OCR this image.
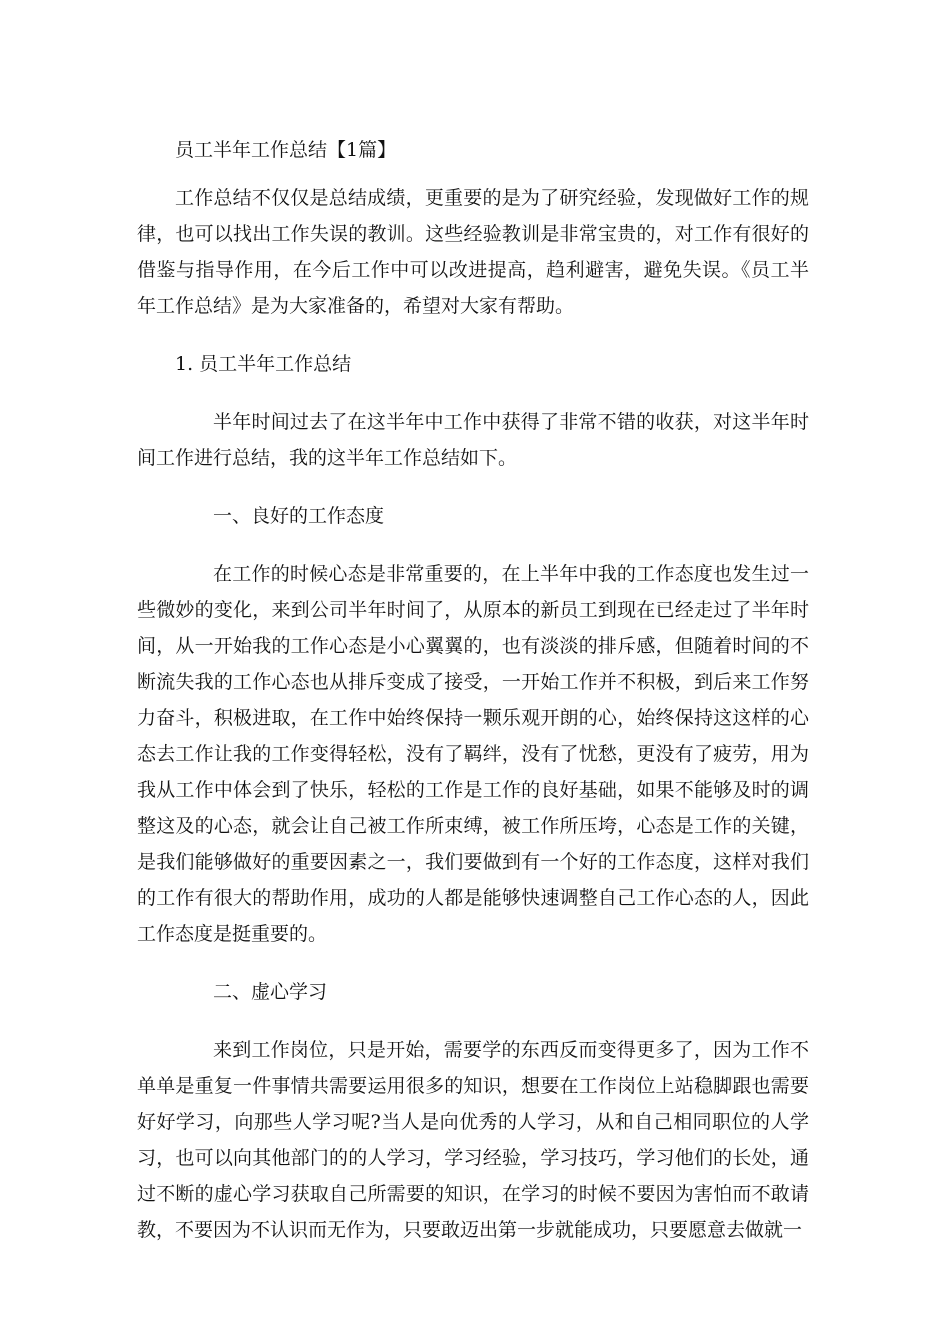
员工半年工作总结【1篇】

工作总结不仅仅是总结成绩，更重要的是为了研究经验，发现做好工作的规律，也可以找出工作失误的教训。这些经验教训是非常宝贵的，对工作有很好的借鉴与指导作用，在今后工作中可以改进提高，趋利避害，避免失误。《员工半年工作总结》是为大家准备的，希望对大家有帮助。

1. 员工半年工作总结

半年时间过去了在这半年中工作中获得了非常不错的收获，对这半年时间工作进行总结，我的这半年工作总结如下。

一、良好的工作态度

在工作的时候心态是非常重要的，在上半年中我的工作态度也发生过一些微妙的变化，来到公司半年时间了，从原本的新员工到现在已经走过了半年时间，从一开始我的工作心态是小心翼翼的，也有淡淡的排斥感，但随着时间的不断流失我的工作心态也从排斥变成了接受，一开始工作并不积极，到后来工作努力奋斗，积极进取，在工作中始终保持一颗乐观开朗的心，始终保持这这样的心态去工作让我的工作变得轻松，没有了羁绊，没有了忧愁，更没有了疲劳，用为我从工作中体会到了快乐，轻松的工作是工作的良好基础，如果不能够及时的调整这及的心态，就会让自己被工作所束缚，被工作所压垮，心态是工作的关键，是我们能够做好的重要因素之一，我们要做到有一个好的工作态度，这样对我们的工作有很大的帮助作用，成功的人都是能够快速调整自己工作心态的人，因此工作态度是挺重要的。

二、虚心学习

来到工作岗位，只是开始，需要学的东西反而变得更多了，因为工作不单单是重复一件事情共需要运用很多的知识，想要在工作岗位上站稳脚跟也需要好好学习，向那些人学习呢?当人是向优秀的人学习，从和自己相同职位的人学习，也可以向其他部门的的人学习，学习经验，学习技巧，学习他们的长处，通过不断的虚心学习获取自己所需要的知识，在学习的时候不要因为害怕而不敢请教，不要因为不认识而无作为，只要敢迈出第一步就能成功，只要愿意去做就一
